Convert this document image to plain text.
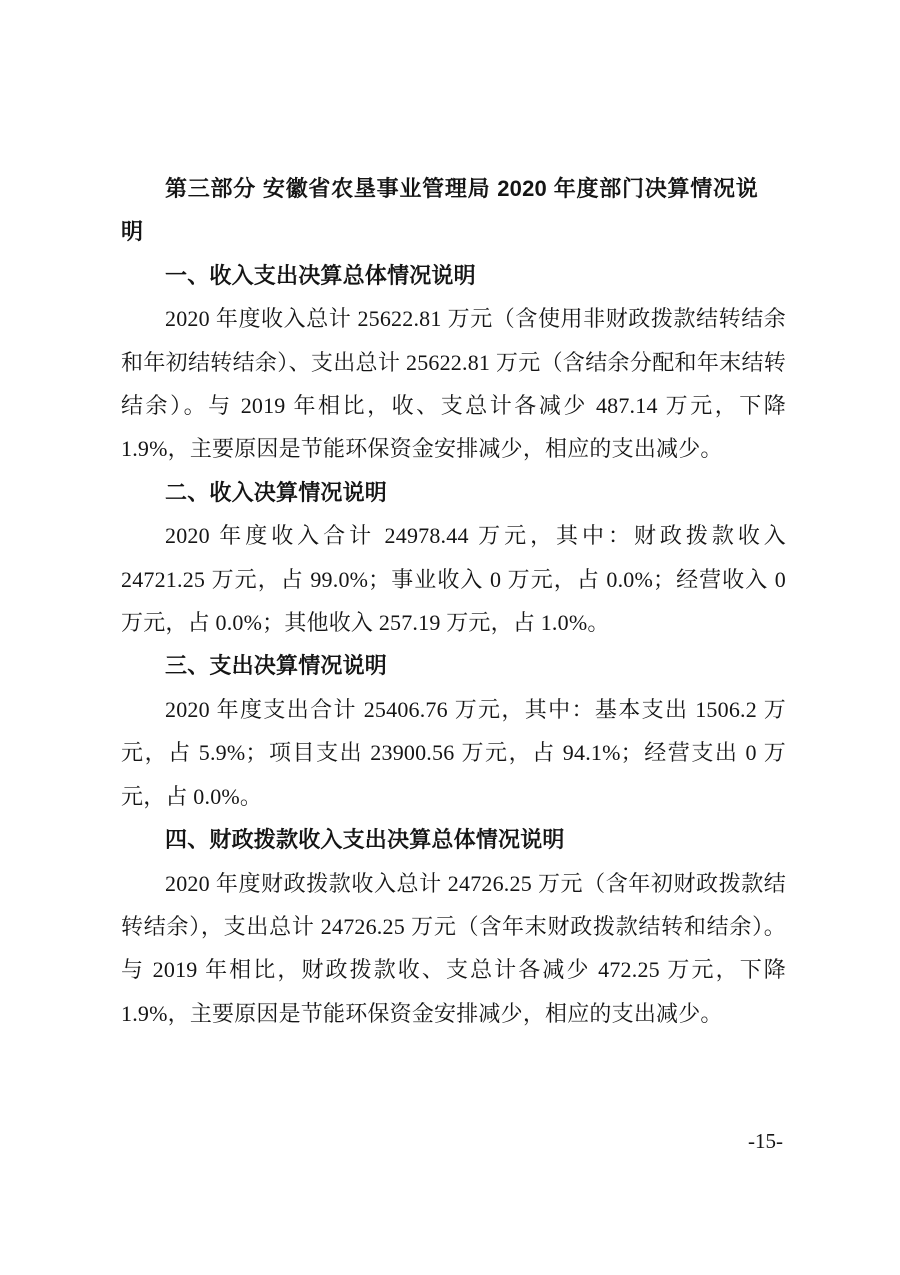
第三部分 安徽省农垦事业管理局 2020 年度部门决算情况说明

一、收入支出决算总体情况说明

2020 年度收入总计 25622.81 万元（含使用非财政拨款结转结余和年初结转结余）、支出总计 25622.81 万元（含结余分配和年末结转结余）。与 2019 年相比，收、支总计各减少 487.14 万元，下降 1.9%，主要原因是节能环保资金安排减少，相应的支出减少。

二、收入决算情况说明

2020 年度收入合计 24978.44 万元，其中：财政拨款收入 24721.25 万元，占 99.0%；事业收入 0 万元，占 0.0%；经营收入 0 万元，占 0.0%；其他收入 257.19 万元，占 1.0%。

三、支出决算情况说明

2020 年度支出合计 25406.76 万元，其中：基本支出 1506.2 万元，占 5.9%；项目支出 23900.56 万元，占 94.1%；经营支出 0 万元，占 0.0%。

四、财政拨款收入支出决算总体情况说明

2020 年度财政拨款收入总计 24726.25 万元（含年初财政拨款结转结余），支出总计 24726.25 万元（含年末财政拨款结转和结余）。与 2019 年相比，财政拨款收、支总计各减少 472.25 万元，下降 1.9%，主要原因是节能环保资金安排减少，相应的支出减少。

-15-
